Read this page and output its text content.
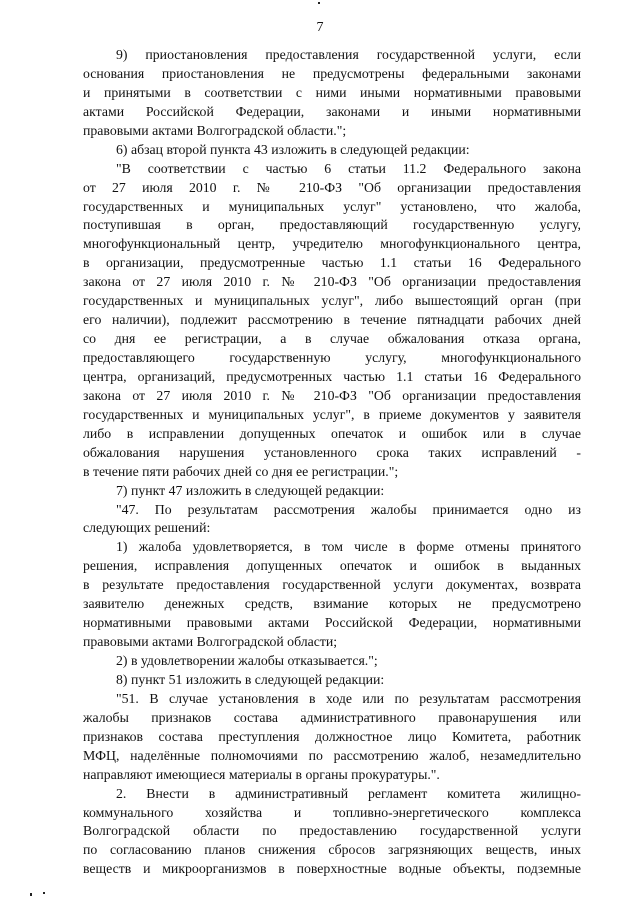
7
9) приостановления предоставления государственной услуги, если
основания приостановления не предусмотрены федеральными законами
и принятыми в соответствии с ними иными нормативными правовыми
актами Российской Федерации, законами и иными нормативными
правовыми актами Волгоградской области.";
6) абзац второй пункта 43 изложить в следующей редакции:
"В соответствии с частью 6 статьи 11.2 Федерального закона
от 27 июля 2010 г. № 210-ФЗ "Об организации предоставления
государственных и муниципальных услуг" установлено, что жалоба,
поступившая в орган, предоставляющий государственную услугу,
многофункциональный центр, учредителю многофункционального центра,
в организации, предусмотренные частью 1.1 статьи 16 Федерального
закона от 27 июля 2010 г. № 210-ФЗ "Об организации предоставления
государственных и муниципальных услуг", либо вышестоящий орган (при
его наличии), подлежит рассмотрению в течение пятнадцати рабочих дней
со дня ее регистрации, а в случае обжалования отказа органа,
предоставляющего государственную услугу, многофункционального
центра, организаций, предусмотренных частью 1.1 статьи 16 Федерального
закона от 27 июля 2010 г. № 210-ФЗ "Об организации предоставления
государственных и муниципальных услуг", в приеме документов у заявителя
либо в исправлении допущенных опечаток и ошибок или в случае
обжалования нарушения установленного срока таких исправлений -
в течение пяти рабочих дней со дня ее регистрации.";
7) пункт 47 изложить в следующей редакции:
"47. По результатам рассмотрения жалобы принимается одно из
следующих решений:
1) жалоба удовлетворяется, в том числе в форме отмены принятого
решения, исправления допущенных опечаток и ошибок в выданных
в результате предоставления государственной услуги документах, возврата
заявителю денежных средств, взимание которых не предусмотрено
нормативными правовыми актами Российской Федерации, нормативными
правовыми актами Волгоградской области;
2) в удовлетворении жалобы отказывается.";
8) пункт 51 изложить в следующей редакции:
"51. В случае установления в ходе или по результатам рассмотрения
жалобы признаков состава административного правонарушения или
признаков состава преступления должностное лицо Комитета, работник
МФЦ, наделённые полномочиями по рассмотрению жалоб, незамедлительно
направляют имеющиеся материалы в органы прокуратуры.".
2. Внести в административный регламент комитета жилищно-
коммунального хозяйства и топливно-энергетического комплекса
Волгоградской области по предоставлению государственной услуги
по согласованию планов снижения сбросов загрязняющих веществ, иных
веществ и микроорганизмов в поверхностные водные объекты, подземные
